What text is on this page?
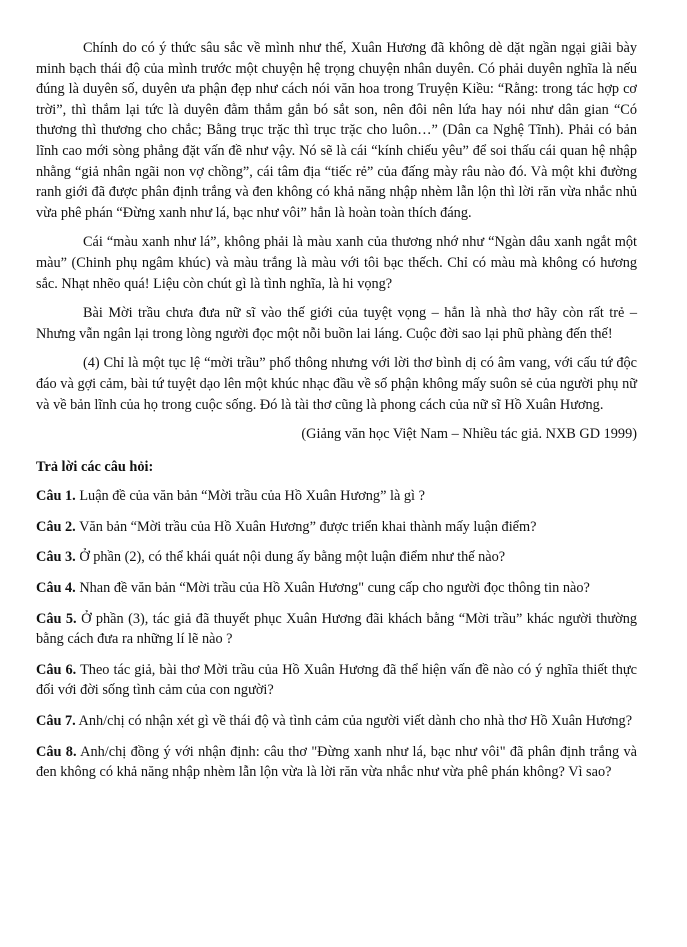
Chính do có ý thức sâu sắc về mình như thế, Xuân Hương đã không dè dặt ngần ngại giãi bày minh bạch thái độ của mình trước một chuyện hệ trọng chuyện nhân duyên. Có phải duyên nghĩa là nếu đúng là duyên số, duyên ưa phận đẹp như cách nói văn hoa trong Truyện Kiều: “Rằng: trong tác hợp cơ trời”, thì thắm lại tức là duyên đằm thắm gắn bó sắt son, nên đôi nên lứa hay nói như dân gian “Có thương thì thương cho chắc; Bằng trục trặc thì trục trặc cho luôn…” (Dân ca Nghệ Tĩnh). Phải có bản lĩnh cao mới sòng phẳng đặt vấn đề như vậy. Nó sẽ là cái “kính chiếu yêu” để soi thấu cái quan hệ nhập nhằng “giả nhân ngãi non vợ chồng”, cái tâm địa “tiếc rẻ” của đấng mày râu nào đó. Và một khi đường ranh giới đã được phân định trắng và đen không có khả năng nhập nhèm lẫn lộn thì lời răn vừa nhắc nhủ vừa phê phán “Đừng xanh như lá, bạc như vôi” hẳn là hoàn toàn thích đáng.

Cái “màu xanh như lá”, không phải là màu xanh của thương nhớ như “Ngàn dâu xanh ngắt một màu” (Chinh phụ ngâm khúc) và màu trắng là màu với tôi bạc thếch. Chỉ có màu mà không có hương sắc. Nhạt nhẽo quá! Liệu còn chút gì là tình nghĩa, là hi vọng?

Bài Mời trầu chưa đưa nữ sĩ vào thế giới của tuyệt vọng – hẳn là nhà thơ hãy còn rất trẻ – Nhưng vẫn ngân lại trong lòng người đọc một nỗi buồn lai láng. Cuộc đời sao lại phũ phàng đến thế!

(4) Chỉ là một tục lệ “mời trầu” phổ thông nhưng với lời thơ bình dị có âm vang, với cấu tứ độc đáo và gợi cảm, bài tứ tuyệt dạo lên một khúc nhạc đầu về số phận không mấy suôn sẻ của người phụ nữ và về bản lĩnh của họ trong cuộc sống. Đó là tài thơ cũng là phong cách của nữ sĩ Hồ Xuân Hương.

(Giảng văn học Việt Nam – Nhiều tác giả. NXB GD 1999)

Trả lời các câu hỏi:

Câu 1. Luận đề của văn bản “Mời trầu của Hồ Xuân Hương” là gì ?

Câu 2. Văn bản “Mời trầu của Hồ Xuân Hương” được triển khai thành mấy luận điểm?

Câu 3. Ở phần (2), có thể khái quát nội dung ấy bằng một luận điểm như thế nào?

Câu 4. Nhan đề văn bản “Mời trầu của Hồ Xuân Hương" cung cấp cho người đọc thông tin nào?

Câu 5. Ở phần (3), tác giả đã thuyết phục Xuân Hương đãi khách bằng “Mời trầu” khác người thường bằng cách đưa ra những lí lẽ nào ?

Câu 6. Theo tác giả, bài thơ Mời trầu của Hồ Xuân Hương đã thể hiện vấn đề nào có ý nghĩa thiết thực đối với đời sống tình cảm của con người?

Câu 7. Anh/chị có nhận xét gì về thái độ và tình cảm của người viết dành cho nhà thơ Hồ Xuân Hương?

Câu 8. Anh/chị đồng ý với nhận định: câu thơ "Đừng xanh như lá, bạc như vôi" đã phân định trắng và đen không có khả năng nhập nhèm lẫn lộn vừa là lời răn vừa nhắc như vừa phê phán không? Vì sao?
